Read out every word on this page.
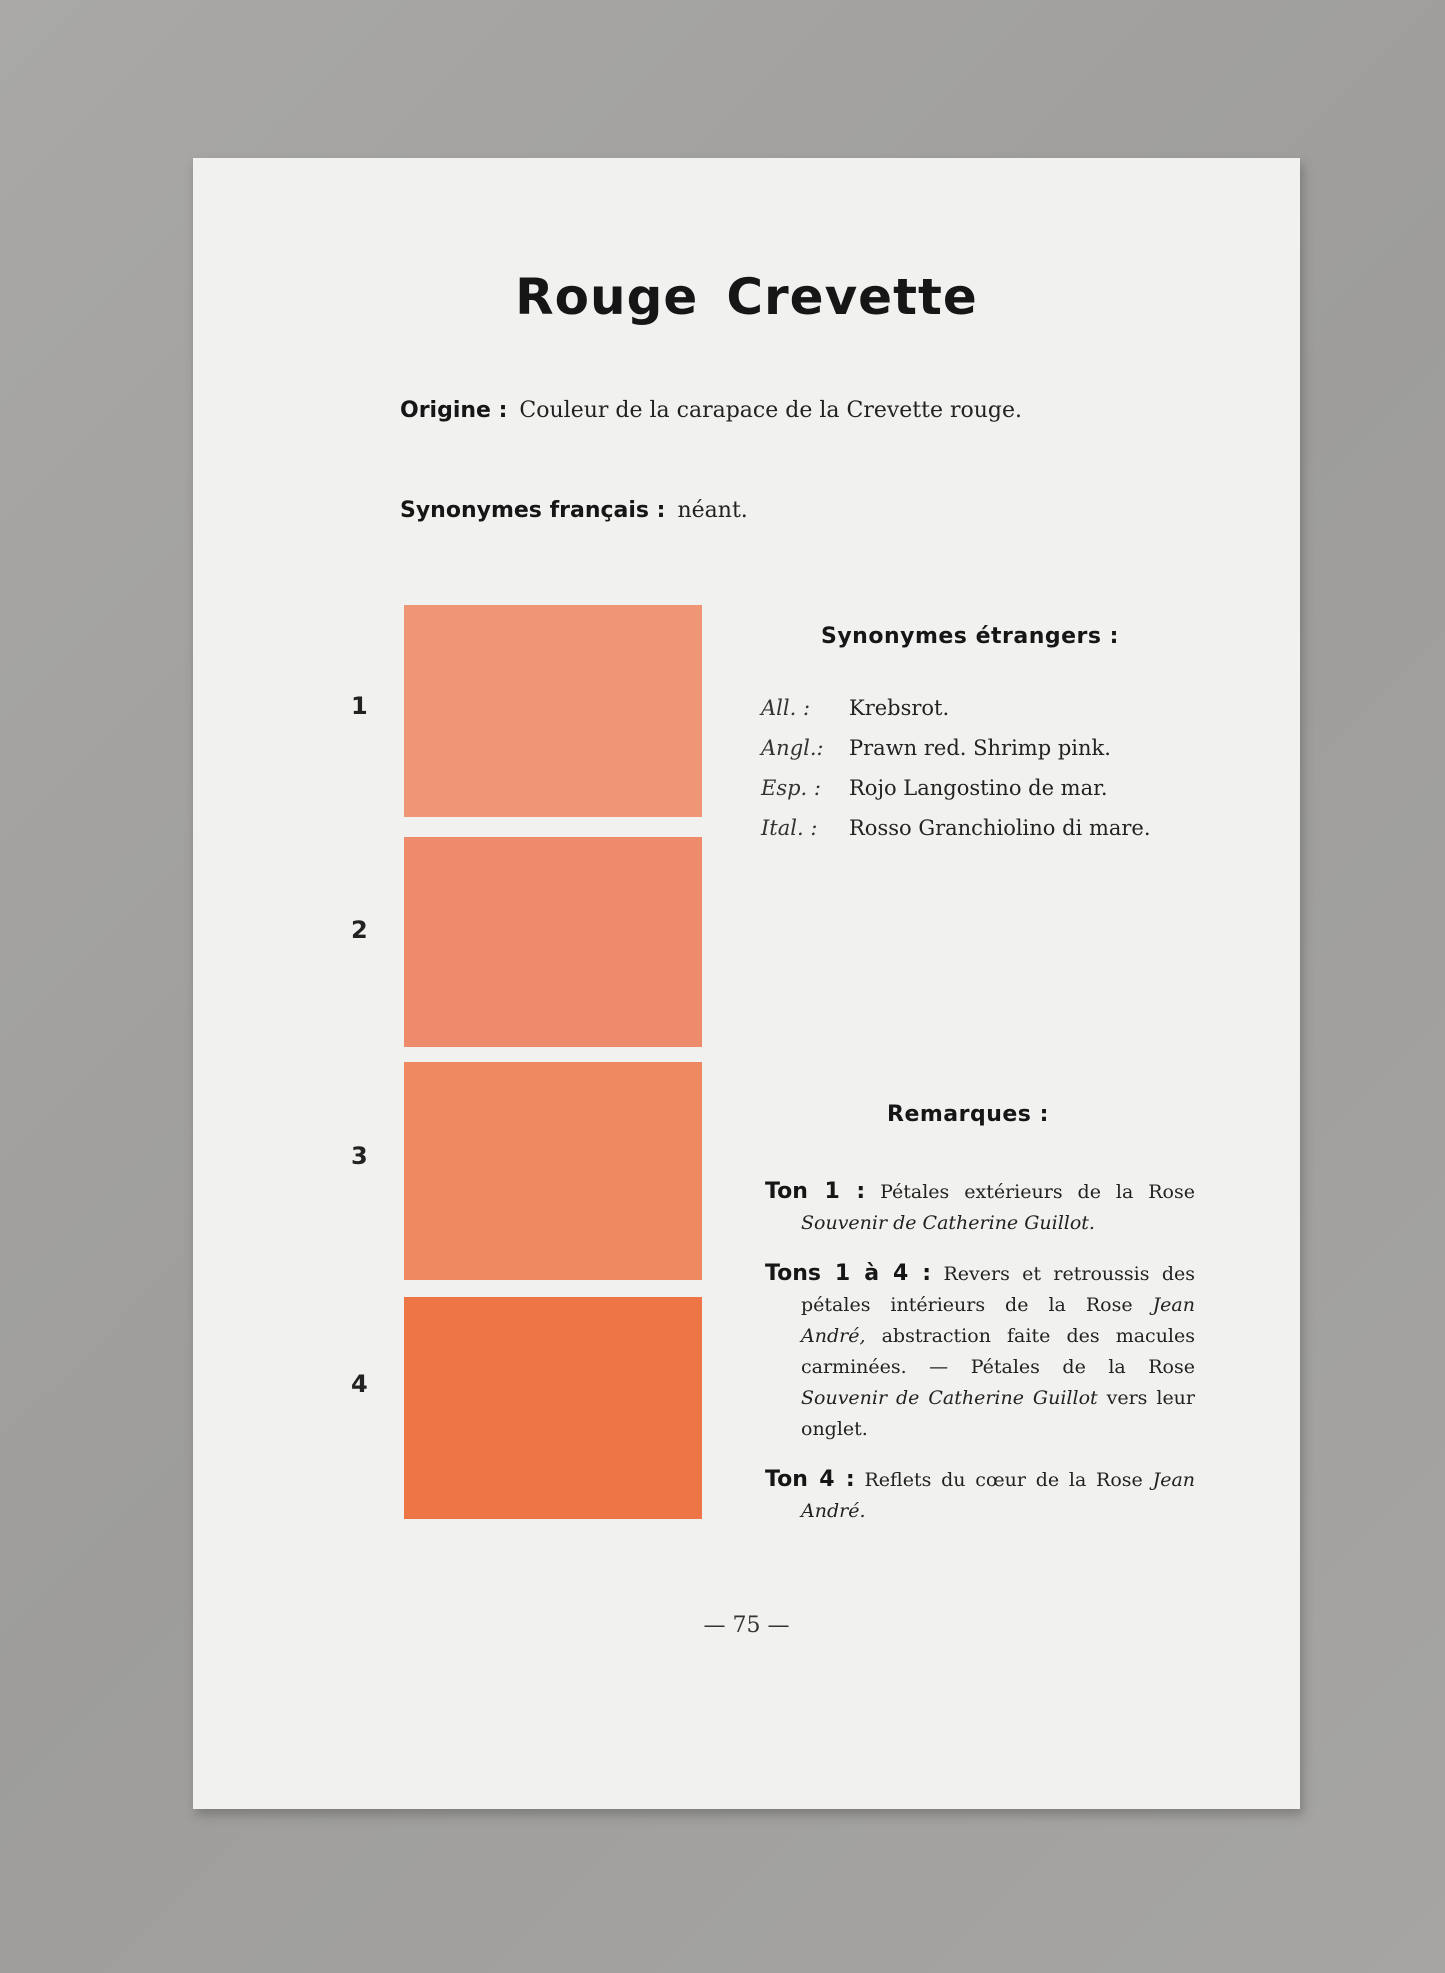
Rouge Crevette
Origine : Couleur de la carapace de la Crevette rouge.
Synonymes français : néant.
1
2
3
4
Synonymes étrangers :
All. :	Krebsrot.
Angl.:	Prawn red. Shrimp pink.
Esp. :	Rojo Langostino de mar.
Ital. :	Rosso Granchiolino di mare.
Remarques :

Ton 1 : Pétales extérieurs de la Rose Souvenir de Catherine Guillot.

Tons 1 à 4 : Revers et retroussis des pétales intérieurs de la Rose Jean André, abstraction faite des macules carminées. — Pétales de la Rose Souvenir de Catherine Guillot vers leur onglet.

Ton 4 : Reflets du cœur de la Rose Jean André.

— 75 —
